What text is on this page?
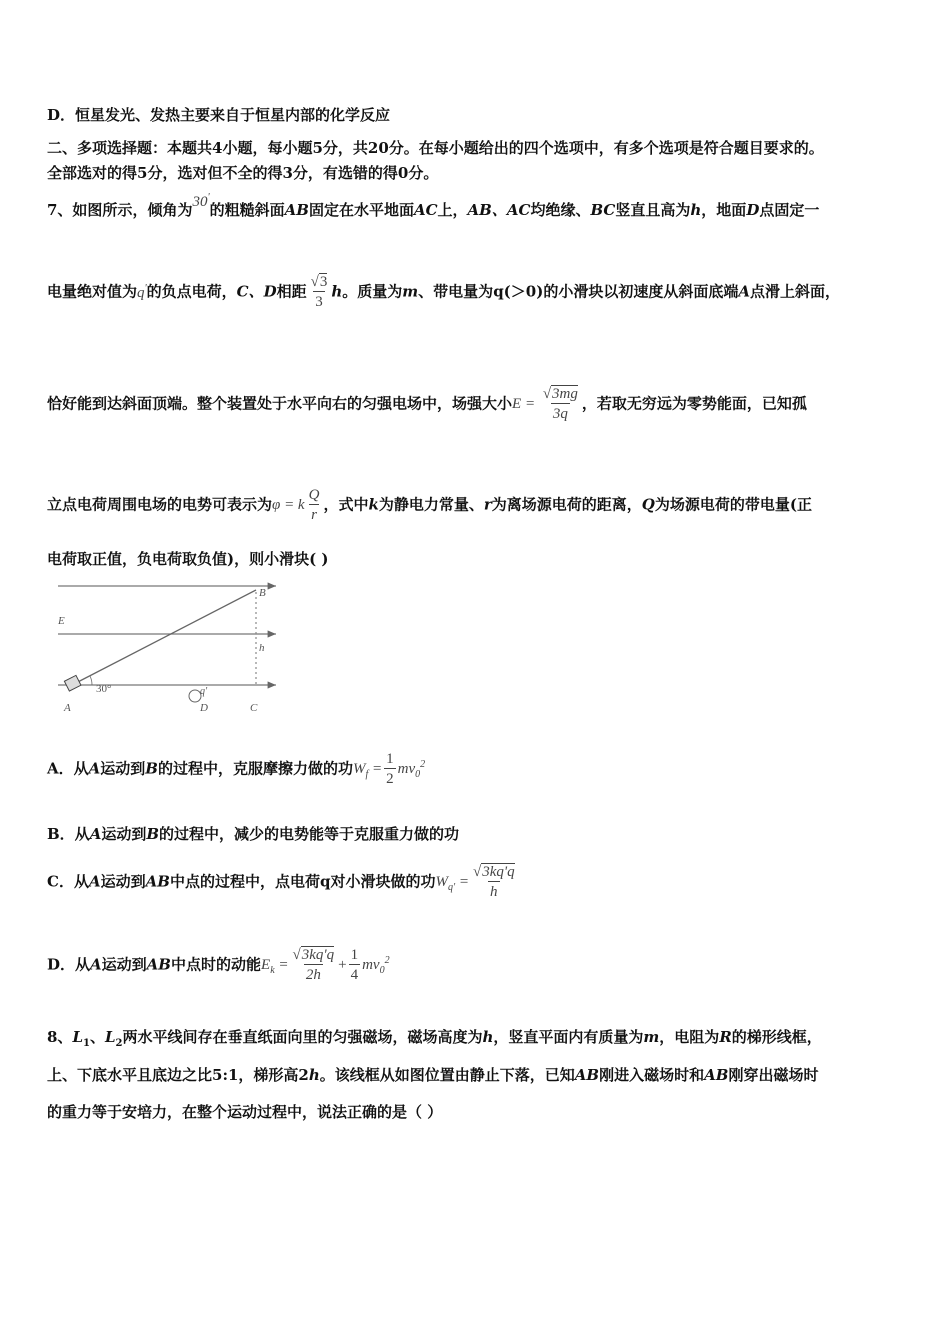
D．恒星发光、发热主要来自于恒星内部的化学反应
二、多项选择题：本题共4小题，每小题5分，共20分。在每小题给出的四个选项中，有多个选项是符合题目要求的。
全部选对的得5分，选对但不全的得3分，有选错的得0分。
7、如图所示，倾角为30'的粗糙斜面AB固定在水平地面AC上，AB、AC均绝缘、BC竖直且高为h，地面D点固定一
电量绝对值为q'的负点电荷，C、D相距 $\frac{√3}{3}$ h。质量为m、带电量为q(＞0)的小滑块以初速度从斜面底端A点滑上斜面，
恰好能到达斜面顶端。整个装置处于水平向右的匀强电场中，场强大小$E = \frac{√3mg}{3q}$ ，若取无穷远为零势能面，已知孤
立点电荷周围电场的电势可表示为φ = k $\frac{Q}{r}$ ，式中k为静电力常量、r为离场源电荷的距离，Q为场源电荷的带电量(正
电荷取正值，负电荷取负值)，则小滑块( )
B
E
h
30°	q'
A	D	C
A．从A运动到B的过程中，克服摩擦力做的功$W_f = \frac{1}{2} mv_0^2$
B．从A运动到B的过程中，减少的电势能等于克服重力做的功
C．从A运动到AB中点的过程中，点电荷q对小滑块做的功$W_{q'} = \frac{√3kq'q}{h}$
D．从A运动到AB中点时的动能$E_k = \frac{√3kq'q}{2h} + \frac{1}{4} mv_0^2$
8、$L_1$、$L_2$两水平线间存在垂直纸面向里的匀强磁场，磁场高度为h，竖直平面内有质量为m，电阻为R的梯形线框，
上、下底水平且底边之比5:1，梯形高2h。该线框从如图位置由静止下落，已知AB刚进入磁场时和AB刚穿出磁场时
的重力等于安培力，在整个运动过程中，说法正确的是（ ）
